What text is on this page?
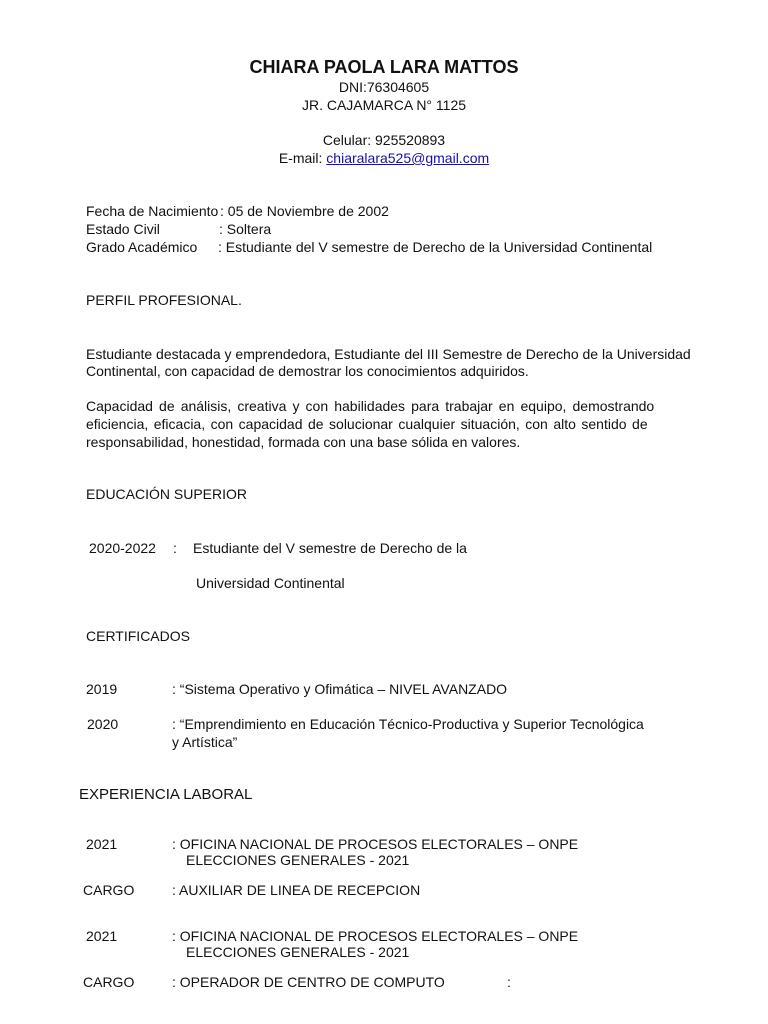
CHIARA PAOLA LARA MATTOS
DNI:76304605
JR. CAJAMARCA N° 1125
Celular: 925520893
E-mail: chiaralara525@gmail.com
Fecha de Nacimiento : 05 de Noviembre de 2002
Estado Civil	: Soltera
Grado Académico : Estudiante del V semestre de Derecho de la Universidad Continental
PERFIL PROFESIONAL.
Estudiante destacada y emprendedora, Estudiante del III Semestre de Derecho de la Universidad
Continental, con capacidad de demostrar los conocimientos adquiridos.
Capacidad de análisis, creativa y con habilidades para trabajar en equipo, demostrando
eficiencia, eficacia, con capacidad de solucionar cualquier situación, con alto sentido de
responsabilidad, honestidad, formada con una base sólida en valores.
EDUCACIÓN SUPERIOR
2020-2022 : Estudiante del V semestre de Derecho de la
Universidad Continental
CERTIFICADOS
2019	: “Sistema Operativo y Ofimática – NIVEL AVANZADO
2020	: “Emprendimiento en Educación Técnico-Productiva y Superior Tecnológica
y Artística”
EXPERIENCIA LABORAL
2021	: OFICINA NACIONAL DE PROCESOS ELECTORALES – ONPE
ELECCIONES GENERALES - 2021
CARGO	: AUXILIAR DE LINEA DE RECEPCION
2021	: OFICINA NACIONAL DE PROCESOS ELECTORALES – ONPE
ELECCIONES GENERALES - 2021
CARGO	: OPERADOR DE CENTRO DE COMPUTO	:
